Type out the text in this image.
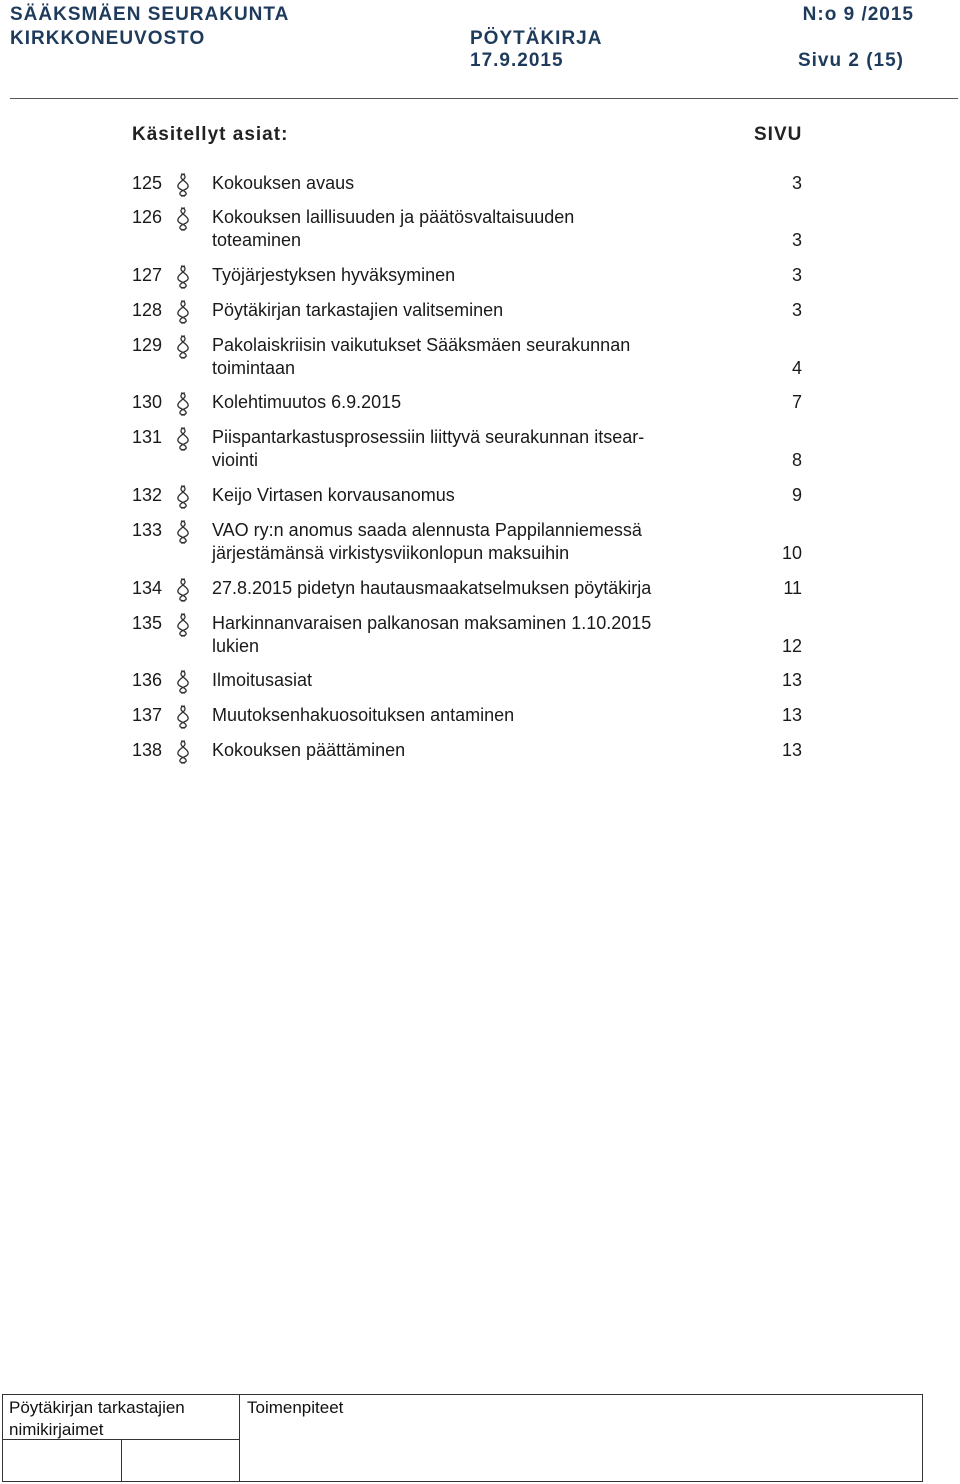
SÄÄKSMÄEN SEURAKUNTA
KIRKKONEUVOSTO	PÖYTÄKIRJA
17.9.2015
N:o 9 /2015
Sivu 2 (15)
Käsitellyt asiat:	SIVU
125	Kokouksen avaus	3
126	Kokouksen laillisuuden ja päätösvaltaisuuden
toteaminen	3
127	Työjärjestyksen hyväksyminen	3
128	Pöytäkirjan tarkastajien valitseminen	3
129	Pakolaiskriisin vaikutukset Sääksmäen seurakunnan
toimintaan	4
130	Kolehtimuutos 6.9.2015	7
131	Piispantarkastusprosessiin liittyvä seurakunnan itsear-
viointi	8
132	Keijo Virtasen korvausanomus	9
133	VAO ry:n anomus saada alennusta Pappilanniemessä
järjestämänsä virkistysviikonlopun maksuihin	10
134	27.8.2015 pidetyn hautausmaakatselmuksen pöytäkirja	11
135	Harkinnanvaraisen palkanosan maksaminen 1.10.2015
lukien	12
136	Ilmoitusasiat	13
137	Muutoksenhakuosoituksen antaminen	13
138	Kokouksen päättäminen	13
Pöytäkirjan tarkastajien nimikirjaimet
Toimenpiteet
